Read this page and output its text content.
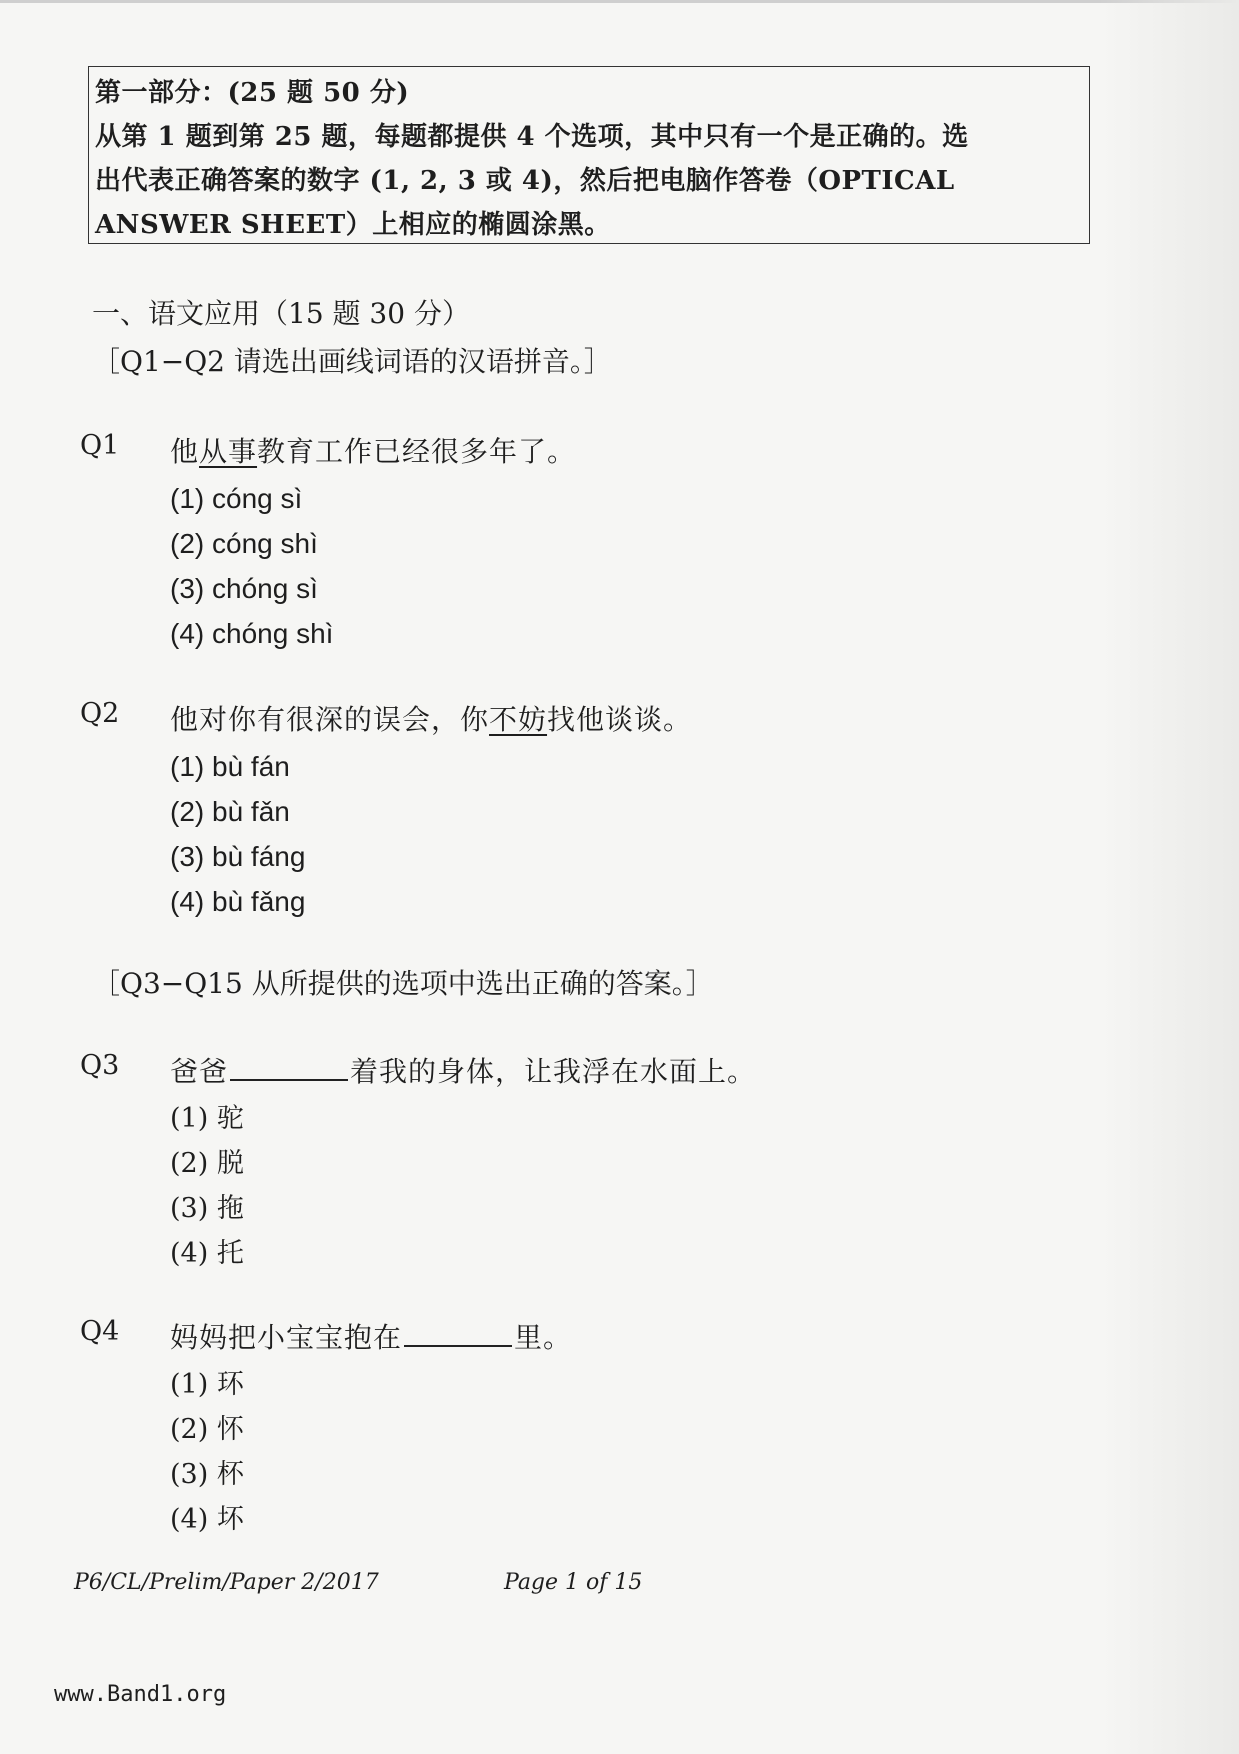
第一部分：(25 题 50 分)
从第 1 题到第 25 题，每题都提供 4 个选项，其中只有一个是正确的。选
出代表正确答案的数字 (1, 2, 3 或 4)，然后把电脑作答卷（OPTICAL
ANSWER SHEET）上相应的椭圆涂黑。
一、语文应用（15 题 30 分）
［Q1−Q2 请选出画线词语的汉语拼音。］
Q1	他从事教育工作已经很多年了。
(1) cóng sì
(2) cóng shì
(3) chóng sì
(4) chóng shì
Q2	他对你有很深的误会，你不妨找他谈谈。
(1) bù fán
(2) bù fǎn
(3) bù fáng
(4) bù fǎng
［Q3−Q15 从所提供的选项中选出正确的答案。］
Q3	爸爸	着我的身体，让我浮在水面上。
(1) 驼
(2) 脱
(3) 拖
(4) 托
Q4	妈妈把小宝宝抱在	里。
(1) 环
(2) 怀
(3) 杯
(4) 坏
P6/CL/Prelim/Paper 2/2017	Page 1 of 15
www.Band1.org
